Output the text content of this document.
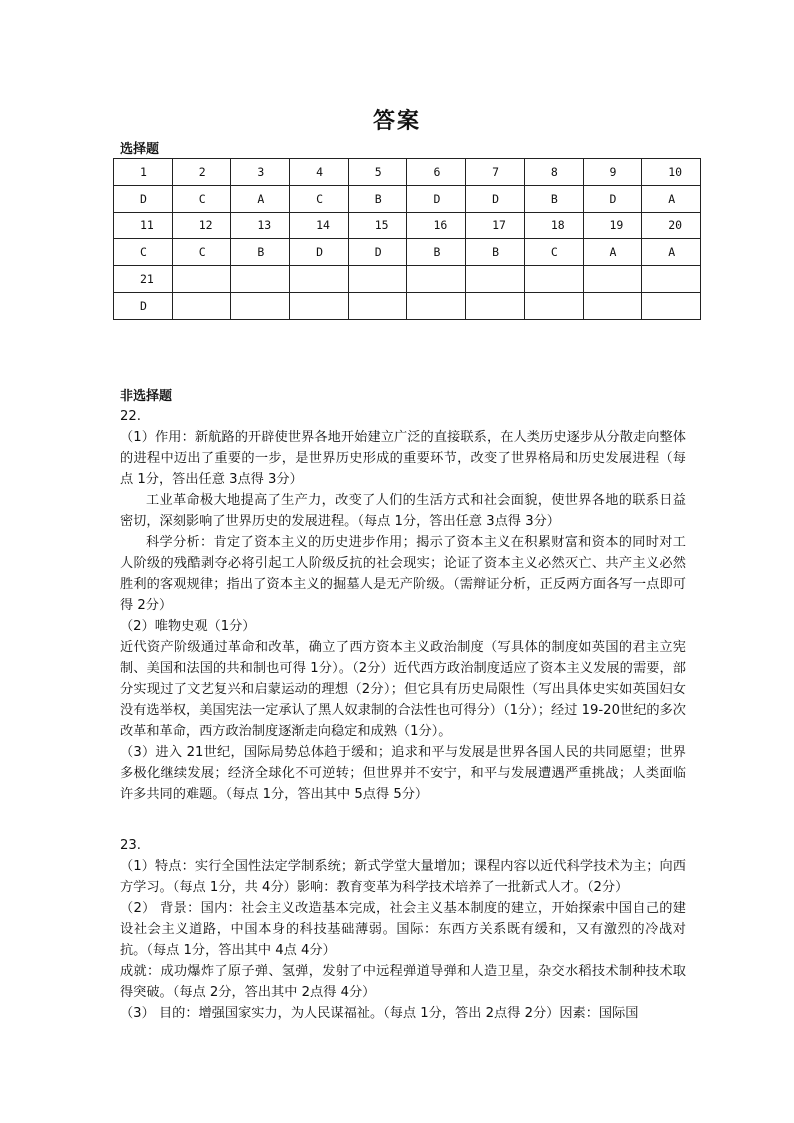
答案
选择题
1	2	3	4	5	6	7	8	9	10
D	C	A	C	B	D	D	B	D	A
11	12	13	14	15	16	17	18	19	20
C	C	B	D	D	B	B	C	A	A
21									
D									
非选择题

22.

（1）作用：新航路的开辟使世界各地开始建立广泛的直接联系，在人类历史逐步从分散走向整体的进程中迈出了重要的一步，是世界历史形成的重要环节，改变了世界格局和历史发展进程（每点 1分，答出任意 3点得 3分）

工业革命极大地提高了生产力，改变了人们的生活方式和社会面貌，使世界各地的联系日益密切，深刻影响了世界历史的发展进程。（每点 1分，答出任意 3点得 3分）

科学分析：肯定了资本主义的历史进步作用；揭示了资本主义在积累财富和资本的同时对工人阶级的残酷剥夺必将引起工人阶级反抗的社会现实；论证了资本主义必然灭亡、共产主义必然胜利的客观规律；指出了资本主义的掘墓人是无产阶级。（需辩证分析，正反两方面各写一点即可得 2分）

（2）唯物史观（1分）

近代资产阶级通过革命和改革，确立了西方资本主义政治制度（写具体的制度如英国的君主立宪制、美国和法国的共和制也可得 1分）。（2分）近代西方政治制度适应了资本主义发展的需要，部分实现过了文艺复兴和启蒙运动的理想（2分）；但它具有历史局限性（写出具体史实如英国妇女没有选举权，美国宪法一定承认了黑人奴隶制的合法性也可得分）（1分）；经过 19-20世纪的多次改革和革命，西方政治制度逐渐走向稳定和成熟（1分）。

（3）进入 21世纪，国际局势总体趋于缓和；追求和平与发展是世界各国人民的共同愿望；世界多极化继续发展；经济全球化不可逆转；但世界并不安宁，和平与发展遭遇严重挑战；人类面临许多共同的难题。（每点 1分，答出其中 5点得 5分）

23.

（1）特点：实行全国性法定学制系统；新式学堂大量增加；课程内容以近代科学技术为主；向西方学习。（每点 1分，共 4分）影响：教育变革为科学技术培养了一批新式人才。（2分）

（2） 背景：国内：社会主义改造基本完成，社会主义基本制度的建立，开始探索中国自己的建设社会主义道路，中国本身的科技基础薄弱。国际：东西方关系既有缓和，又有激烈的冷战对抗。（每点 1分，答出其中 4点 4分）

成就：成功爆炸了原子弹、氢弹，发射了中远程弹道导弹和人造卫星，杂交水稻技术制种技术取得突破。（每点 2分，答出其中 2点得 4分）

（3） 目的：增强国家实力，为人民谋福祉。（每点 1分，答出 2点得 2分）因素：国际国
